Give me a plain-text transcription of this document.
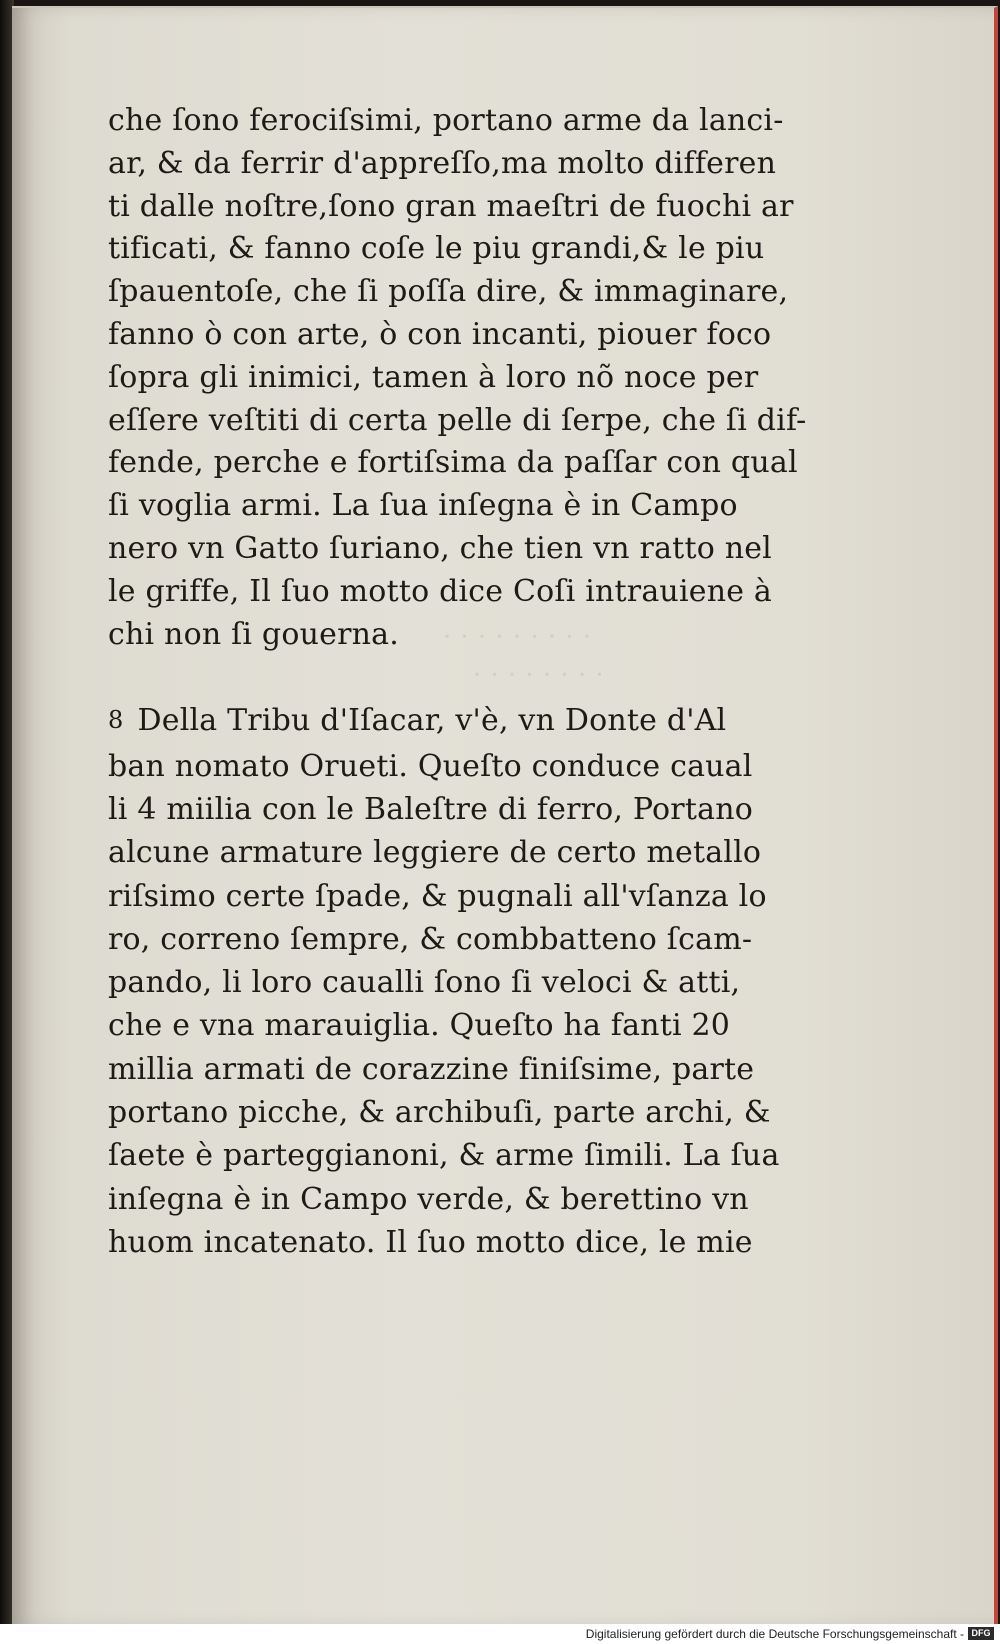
· · · · · · · · ·
· · · · · · · ·
che ſono ferociſsimi, portano arme da lanci-
ar, & da ferrir d'appreſſo,ma molto differen
ti dalle noſtre,ſono gran maeſtri de fuochi ar
tificati, & fanno coſe le piu grandi,& le piu
ſpauentoſe, che ſi poſſa dire, & immaginare,
fanno ò con arte, ò con incanti, piouer foco
ſopra gli inimici, tamen à loro nõ noce per
eſſere veſtiti di certa pelle di ſerpe, che ſi dif-
fende, perche e fortiſsima da paſſar con qual
ſi voglia armi. La ſua inſegna è in Campo
nero vn Gatto ſuriano, che tien vn ratto nel
le griffe, Il ſuo motto dice Coſi intrauiene à
chi non ſi gouerna.
8 Della Tribu d'Iſacar, v'è, vn Donte d'Al
ban nomato Orueti. Queſto conduce caual
li 4 miilia con le Baleſtre di ferro, Portano
alcune armature leggiere de certo metallo
riſsimo certe ſpade, & pugnali all'vſanza lo
ro, correno ſempre, & combbatteno ſcam-
pando, li loro caualli ſono ſi veloci & atti,
che e vna marauiglia. Queſto ha fanti 20
millia armati de corazzine finiſsime, parte
portano picche, & archibuſi, parte archi, &
ſaete è parteggianoni, & arme ſimili. La ſua
inſegna è in Campo verde, & berettino vn
huom incatenato. Il ſuo motto dice, le mie
Digitalisierung gefördert durch die Deutsche Forschungsgemeinschaft - DFG
